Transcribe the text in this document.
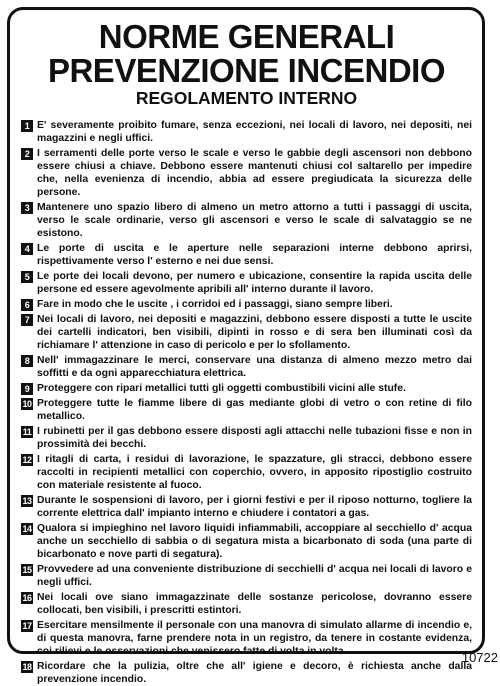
NORME GENERALI
PREVENZIONE INCENDIO
REGOLAMENTO INTERNO
1 E' severamente proibito fumare, senza eccezioni, nei locali di lavoro, nei depositi, nei magazzini e negli uffici.
2 I serramenti delle porte verso le scale e verso le gabbie degli ascensori non debbono essere chiusi a chiave. Debbono essere mantenuti chiusi col saltarello per impedire che, nella evenienza di incendio, abbia ad essere pregiudicata la sicurezza delle persone.
3 Mantenere uno spazio libero di almeno un metro attorno a tutti i passaggi di uscita, verso le scale ordinarie, verso gli ascensori e verso le scale di salvataggio se ne esistono.
4 Le porte di uscita e le aperture nelle separazioni interne debbono aprirsi, rispettivamente verso l' esterno e nei due sensi.
5 Le porte dei locali devono, per numero e ubicazione, consentire la rapida uscita delle persone ed essere agevolmente apribili all' interno durante il lavoro.
6 Fare in modo che le uscite , i corridoi ed i passaggi, siano sempre liberi.
7 Nei locali di lavoro, nei depositi e magazzini, debbono essere disposti a tutte le uscite dei cartelli indicatori, ben visibili, dipinti in rosso e di sera ben illuminati così da richiamare l' attenzione in caso di pericolo e per lo sfollamento.
8 Nell' immagazzinare le merci, conservare una distanza di almeno mezzo metro dai soffitti e da ogni apparecchiatura elettrica.
9 Proteggere con ripari metallici tutti gli oggetti combustibili vicini alle stufe.
10 Proteggere tutte le fiamme libere di gas mediante globi di vetro o con retine di filo metallico.
11 I rubinetti per il gas debbono essere disposti agli attacchi nelle tubazioni fisse e non in prossimità dei becchi.
12 I ritagli di carta, i residui di lavorazione, le spazzature, gli stracci, debbono essere raccolti in recipienti metallici con coperchio, ovvero, in apposito ripostiglio costruito con materiale resistente al fuoco.
13 Durante le sospensioni di lavoro, per i giorni festivi e per il riposo notturno, togliere la corrente elettrica dall' impianto interno e chiudere i contatori a gas.
14 Qualora si impieghino nel lavoro liquidi infiammabili, accoppiare al secchiello d' acqua anche un secchiello di sabbia o di segatura mista a bicarbonato di soda (una parte di bicarbonato e nove parti di segatura).
15 Provvedere ad una conveniente distribuzione di secchielli d' acqua nei locali di lavoro e negli uffici.
16 Nei locali ove siano immagazzinate delle sostanze pericolose, dovranno essere collocati, ben visibili, i prescritti estintori.
17 Esercitare mensilmente il personale con una manovra di simulato allarme di incendio e, di questa manovra, farne prendere nota in un registro, da tenere in costante evidenza, coi rilievi e le osservazioni che venissero fatte di volta in volta.
18 Ricordare che la pulizia, oltre che all' igiene e decoro, è richiesta anche dalla prevenzione incendio.
10722
